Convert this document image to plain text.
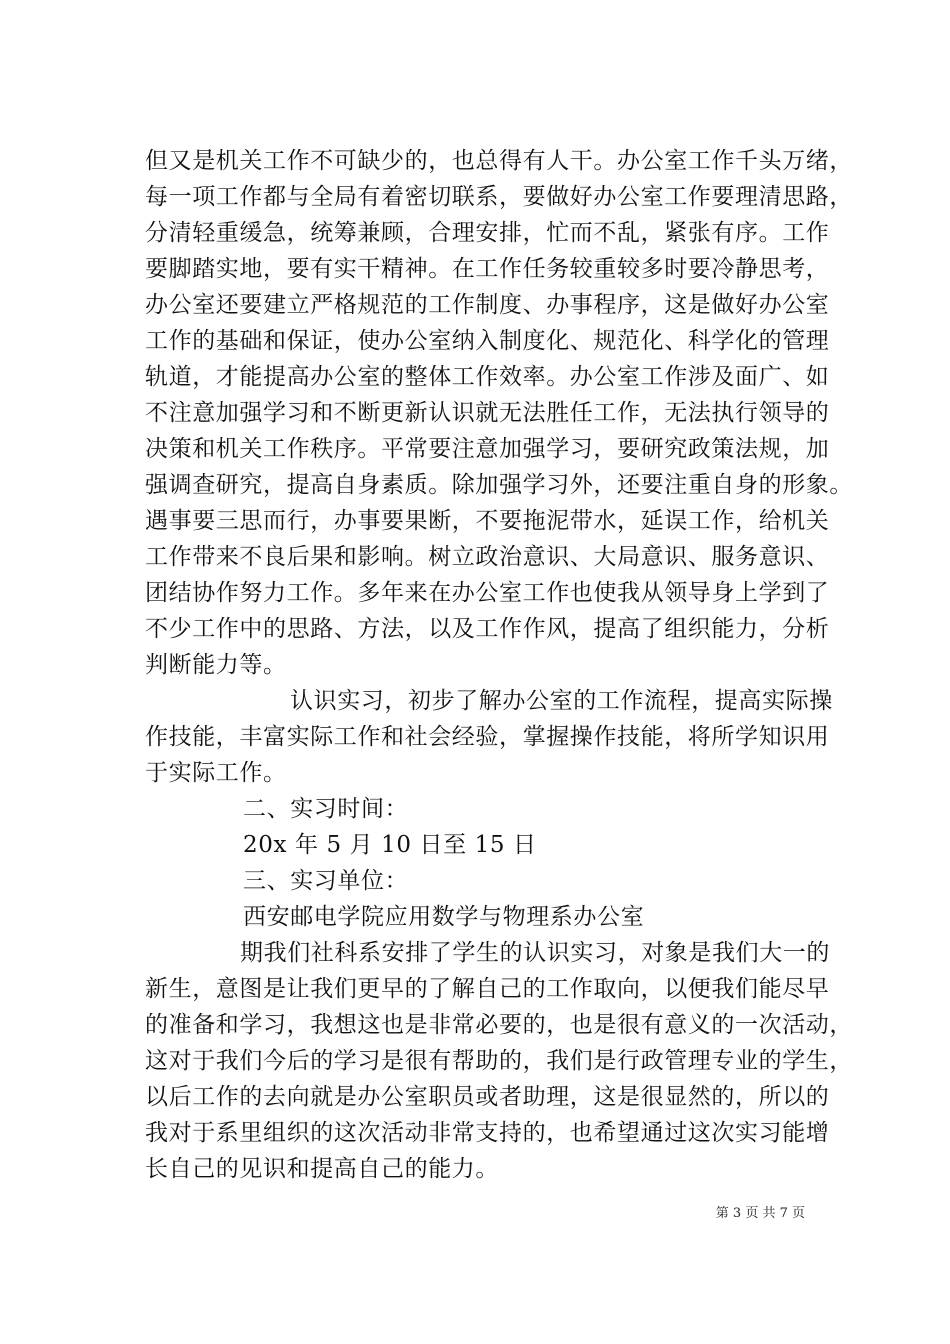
但又是机关工作不可缺少的，也总得有人干。办公室工作千头万绪，
每一项工作都与全局有着密切联系，要做好办公室工作要理清思路，
分清轻重缓急，统筹兼顾，合理安排，忙而不乱，紧张有序。工作
要脚踏实地，要有实干精神。在工作任务较重较多时要冷静思考，
办公室还要建立严格规范的工作制度、办事程序，这是做好办公室
工作的基础和保证，使办公室纳入制度化、规范化、科学化的管理
轨道，才能提高办公室的整体工作效率。办公室工作涉及面广、如
不注意加强学习和不断更新认识就无法胜任工作，无法执行领导的
决策和机关工作秩序。平常要注意加强学习，要研究政策法规，加
强调查研究，提高自身素质。除加强学习外，还要注重自身的形象。
遇事要三思而行，办事要果断，不要拖泥带水，延误工作，给机关
工作带来不良后果和影响。树立政治意识、大局意识、服务意识、
团结协作努力工作。多年来在办公室工作也使我从领导身上学到了
不少工作中的思路、方法，以及工作作风，提高了组织能力，分析
判断能力等。
认识实习，初步了解办公室的工作流程，提高实际操
作技能，丰富实际工作和社会经验，掌握操作技能，将所学知识用
于实际工作。
二、实习时间：
20x 年 5 月 10 日至 15 日
三、实习单位：
西安邮电学院应用数学与物理系办公室
期我们社科系安排了学生的认识实习，对象是我们大一的
新生，意图是让我们更早的了解自己的工作取向，以便我们能尽早
的准备和学习，我想这也是非常必要的，也是很有意义的一次活动，
这对于我们今后的学习是很有帮助的，我们是行政管理专业的学生，
以后工作的去向就是办公室职员或者助理，这是很显然的，所以的
我对于系里组织的这次活动非常支持的，也希望通过这次实习能增
长自己的见识和提高自己的能力。
第 3 页 共 7 页
